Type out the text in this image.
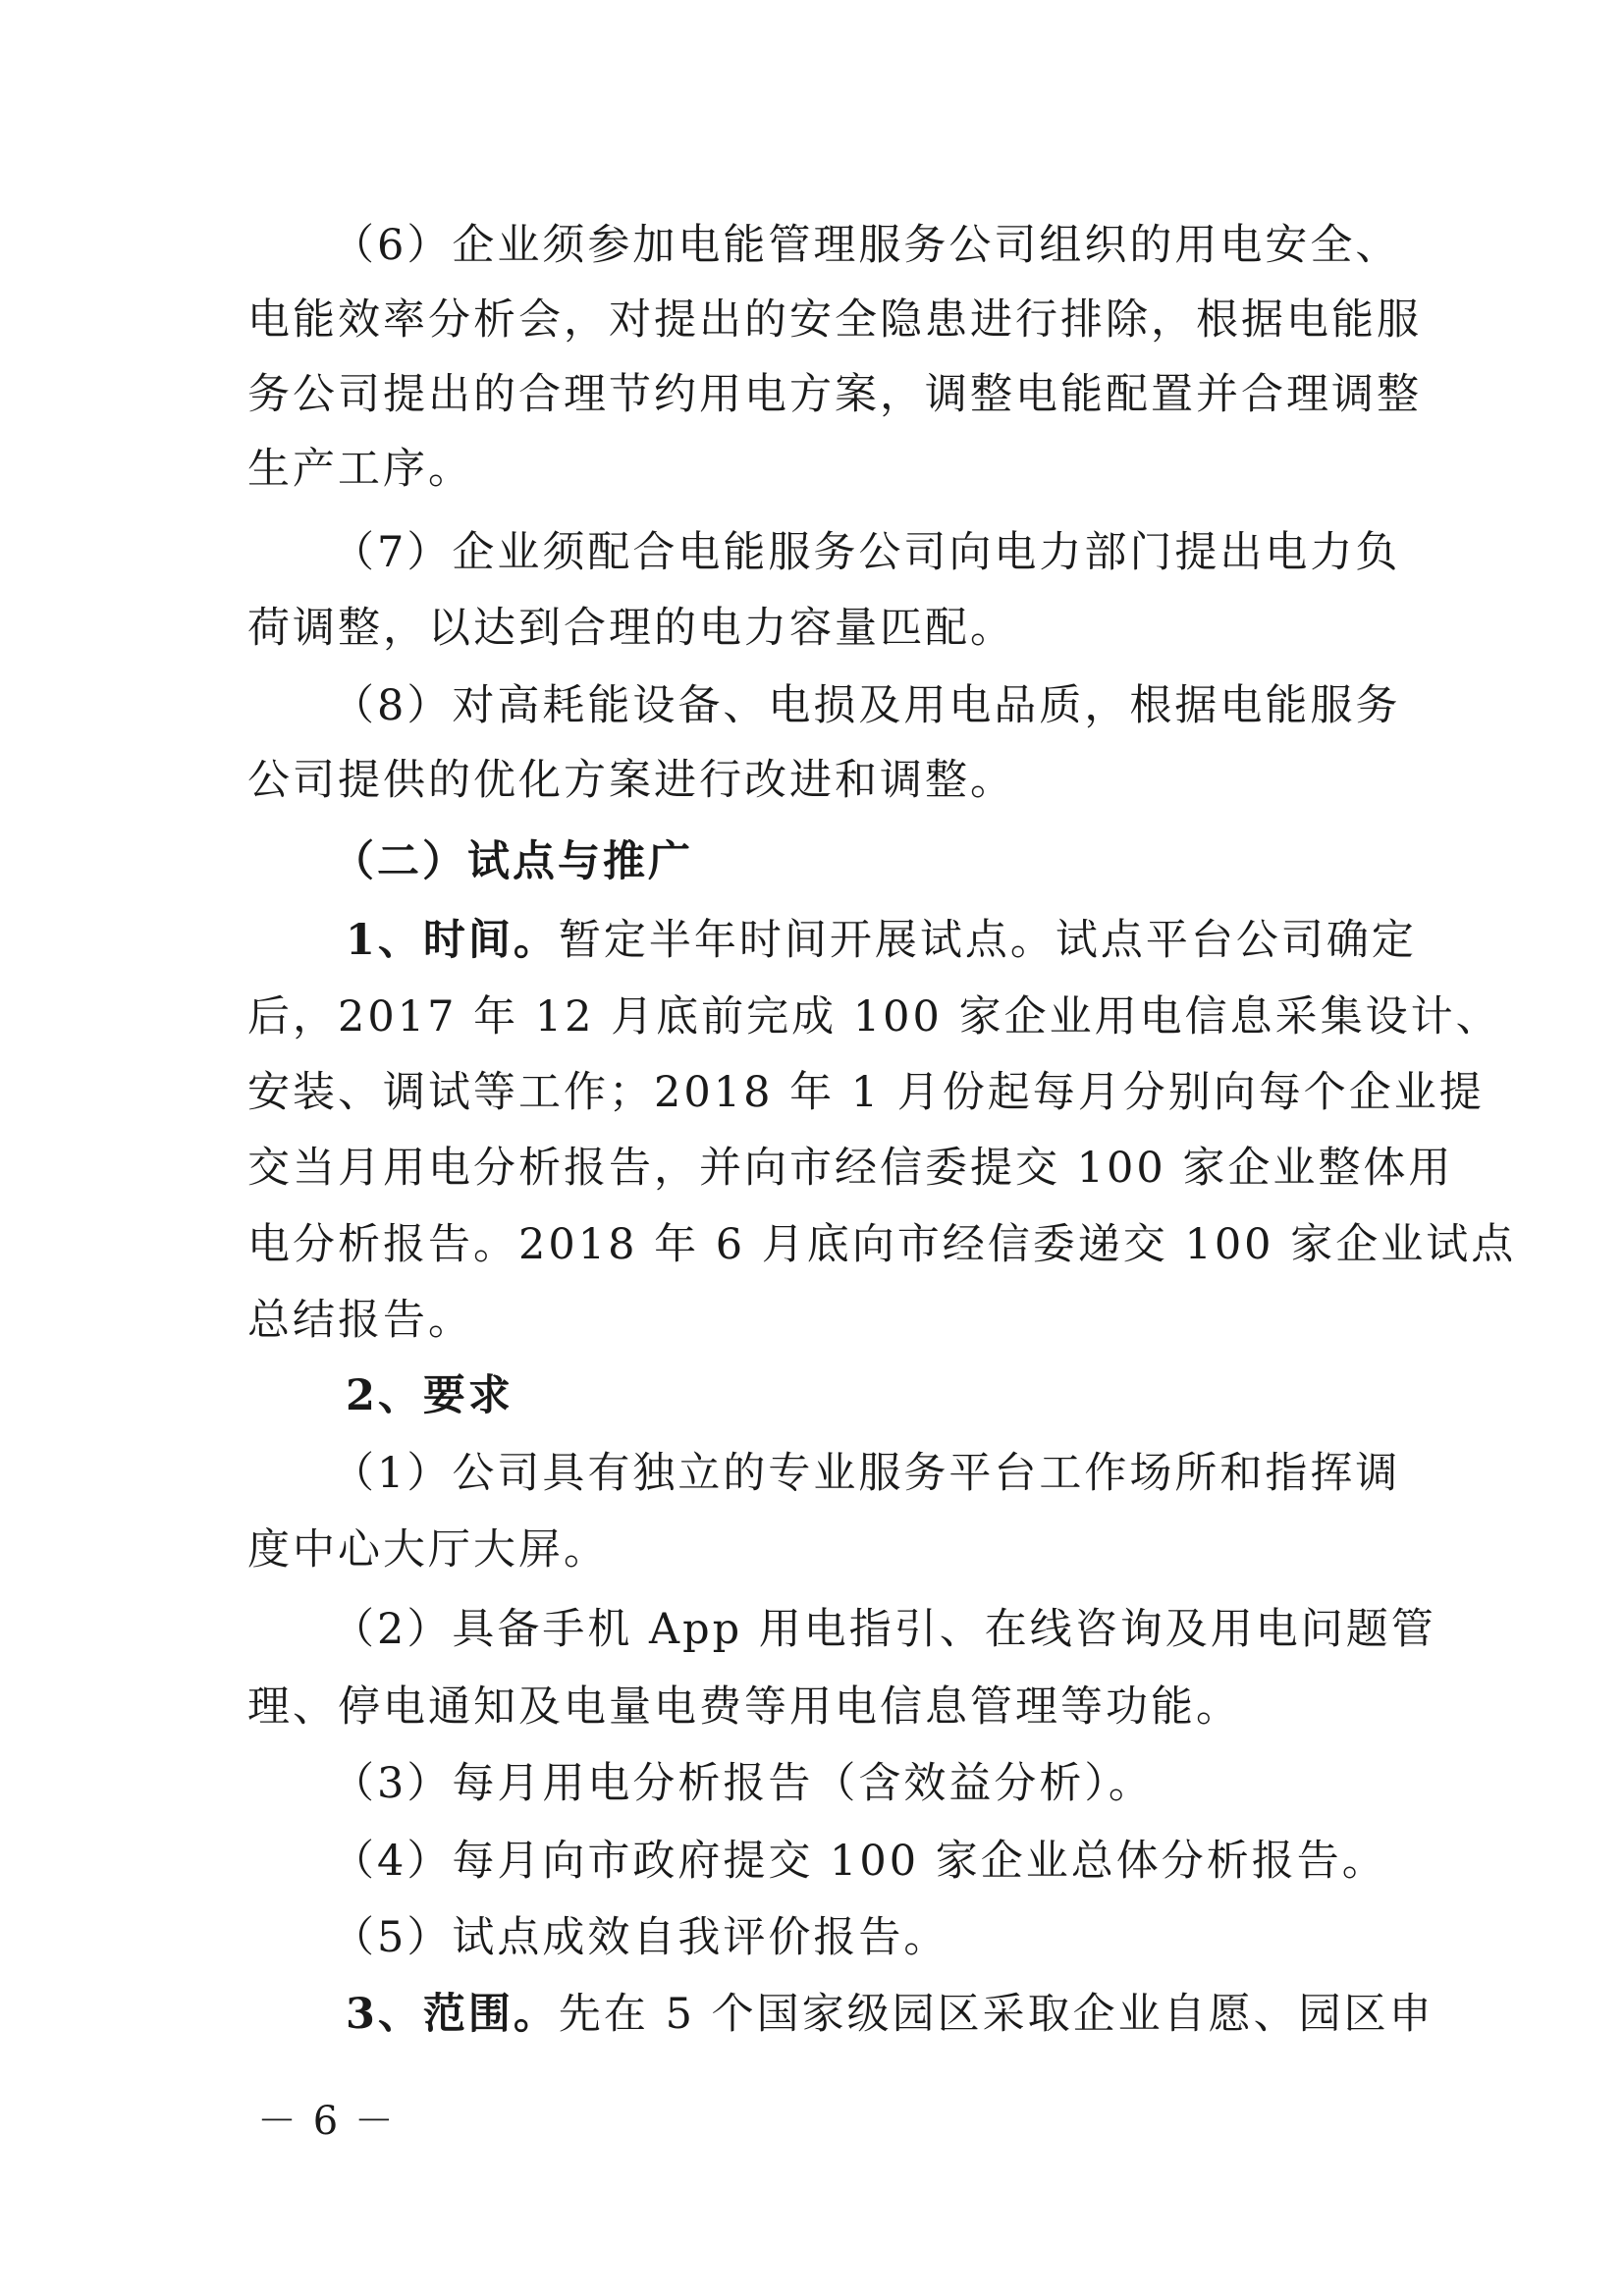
（6）企业须参加电能管理服务公司组织的用电安全、
电能效率分析会，对提出的安全隐患进行排除，根据电能服
务公司提出的合理节约用电方案，调整电能配置并合理调整
生产工序。
（7）企业须配合电能服务公司向电力部门提出电力负
荷调整，以达到合理的电力容量匹配。
（8）对高耗能设备、电损及用电品质，根据电能服务
公司提供的优化方案进行改进和调整。
（二）试点与推广
1、时间。暂定半年时间开展试点。试点平台公司确定
后，2017 年 12 月底前完成 100 家企业用电信息采集设计、
安装、调试等工作；2018 年 1 月份起每月分别向每个企业提
交当月用电分析报告，并向市经信委提交 100 家企业整体用
电分析报告。2018 年 6 月底向市经信委递交 100 家企业试点
总结报告。
2、要求
（1）公司具有独立的专业服务平台工作场所和指挥调
度中心大厅大屏。
（2）具备手机 App 用电指引、在线咨询及用电问题管
理、停电通知及电量电费等用电信息管理等功能。
（3）每月用电分析报告（含效益分析）。
（4）每月向市政府提交 100 家企业总体分析报告。
（5）试点成效自我评价报告。
3、范围。先在 5 个国家级园区采取企业自愿、园区申
－ 6 －
